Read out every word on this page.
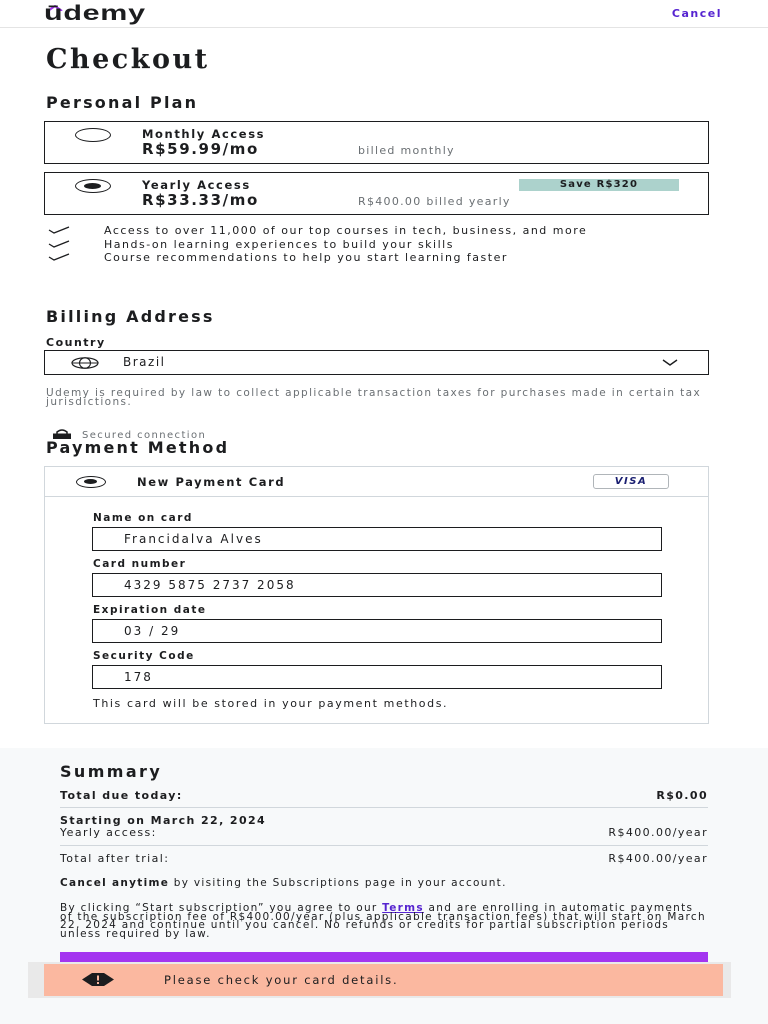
ūdemy	Cancel
Checkout
Personal Plan
Monthly Access
R$59.99/mo	billed monthly
Yearly Access	Save R$320
R$33.33/mo	R$400.00 billed yearly
Access to over 11,000 of our top courses in tech, business, and more
Hands-on learning experiences to build your skills
Course recommendations to help you start learning faster
Billing Address
Country
Brazil
Udemy is required by law to collect applicable transaction taxes for purchases made in certain tax jurisdictions.
Secured connection
Payment Method
New Payment Card	VISA
Name on card
Francidalva Alves
Card number
4329 5875 2737 2058
Expiration date
03 / 29
Security Code
178
This card will be stored in your payment methods.
Summary
Total due today:	R$0.00
Starting on March 22, 2024
Yearly access:	R$400.00/year
Total after trial:	R$400.00/year
Cancel anytime by visiting the Subscriptions page in your account.
By clicking “Start subscription” you agree to our Terms and are enrolling in automatic payments of the subscription fee of R$400.00/year (plus applicable transaction fees) that will start on March 22, 2024 and continue until you cancel. No refunds or credits for partial subscription periods unless required by law.
Please check your card details.
